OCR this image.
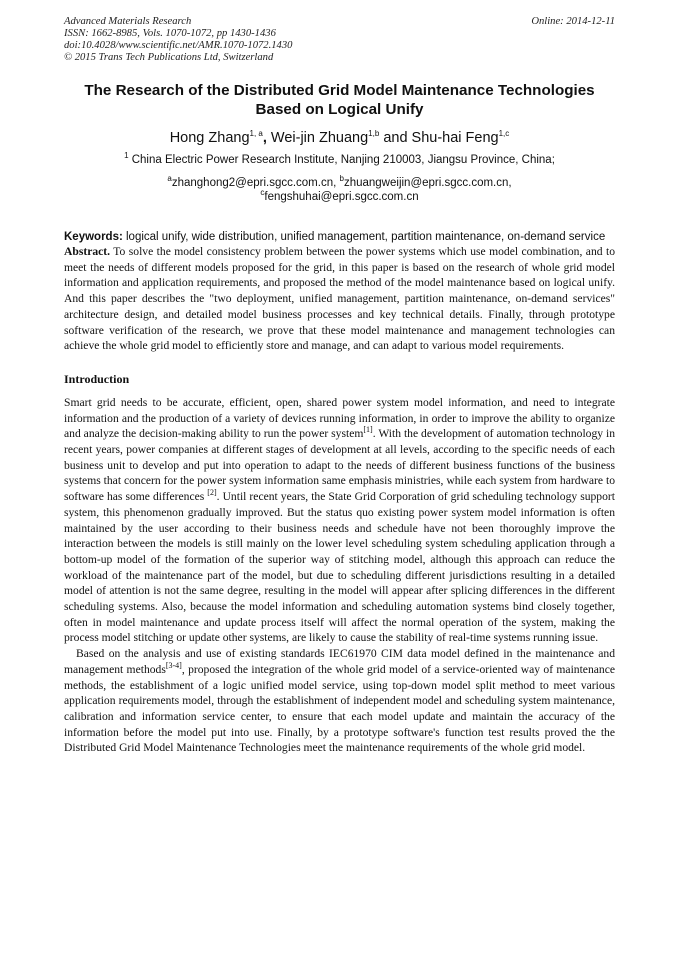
Advanced Materials Research
ISSN: 1662-8985, Vols. 1070-1072, pp 1430-1436
doi:10.4028/www.scientific.net/AMR.1070-1072.1430
© 2015 Trans Tech Publications Ltd, Switzerland
Online: 2014-12-11
The Research of the Distributed Grid Model Maintenance Technologies
Based on Logical Unify
Hong Zhang$^{1, a}$, Wei-jin Zhuang$^{1,b}$ and Shu-hai Feng$^{1,c}$
$^1$ China Electric Power Research Institute, Nanjing 210003, Jiangsu Province, China;
$^a$zhanghong2@epri.sgcc.com.cn, $^b$zhuangweijin@epri.sgcc.com.cn,
$^c$fengshuhai@epri.sgcc.com.cn
Keywords: logical unify, wide distribution, unified management, partition maintenance, on-demand service

Abstract. To solve the model consistency problem between the power systems which use model combination, and to meet the needs of different models proposed for the grid, in this paper is based on the research of whole grid model information and application requirements, and proposed the method of the model maintenance based on logical unify. And this paper describes the "two deployment, unified management, partition maintenance, on-demand services" architecture design, and detailed model business processes and key technical details. Finally, through prototype software verification of the research, we prove that these model maintenance and management technologies can achieve the whole grid model to efficiently store and manage, and can adapt to various model requirements.

Introduction

Smart grid needs to be accurate, efficient, open, shared power system model information, and need to integrate information and the production of a variety of devices running information, in order to improve the ability to organize and analyze the decision-making ability to run the power system[1]. With the development of automation technology in recent years, power companies at different stages of development at all levels, according to the specific needs of each business unit to develop and put into operation to adapt to the needs of different business functions of the business systems that concern for the power system information same emphasis ministries, while each system from hardware to software has some differences [2]. Until recent years, the State Grid Corporation of grid scheduling technology support system, this phenomenon gradually improved. But the status quo existing power system model information is often maintained by the user according to their business needs and schedule have not been thoroughly improve the interaction between the models is still mainly on the lower level scheduling system scheduling application through a bottom-up model of the formation of the superior way of stitching model, although this approach can reduce the workload of the maintenance part of the model, but due to scheduling different jurisdictions resulting in a detailed model of attention is not the same degree, resulting in the model will appear after splicing differences in the different scheduling systems. Also, because the model information and scheduling automation systems bind closely together, often in model maintenance and update process itself will affect the normal operation of the system, making the process model stitching or update other systems, are likely to cause the stability of real-time systems running issue.

Based on the analysis and use of existing standards IEC61970 CIM data model defined in the maintenance and management methods[3-4], proposed the integration of the whole grid model of a service-oriented way of maintenance methods, the establishment of a logic unified model service, using top-down model split method to meet various application requirements model, through the establishment of independent model and scheduling system maintenance, calibration and information service center, to ensure that each model update and maintain the accuracy of the information before the model put into use. Finally, by a prototype software's function test results proved the the Distributed Grid Model Maintenance Technologies meet the maintenance requirements of the whole grid model.
